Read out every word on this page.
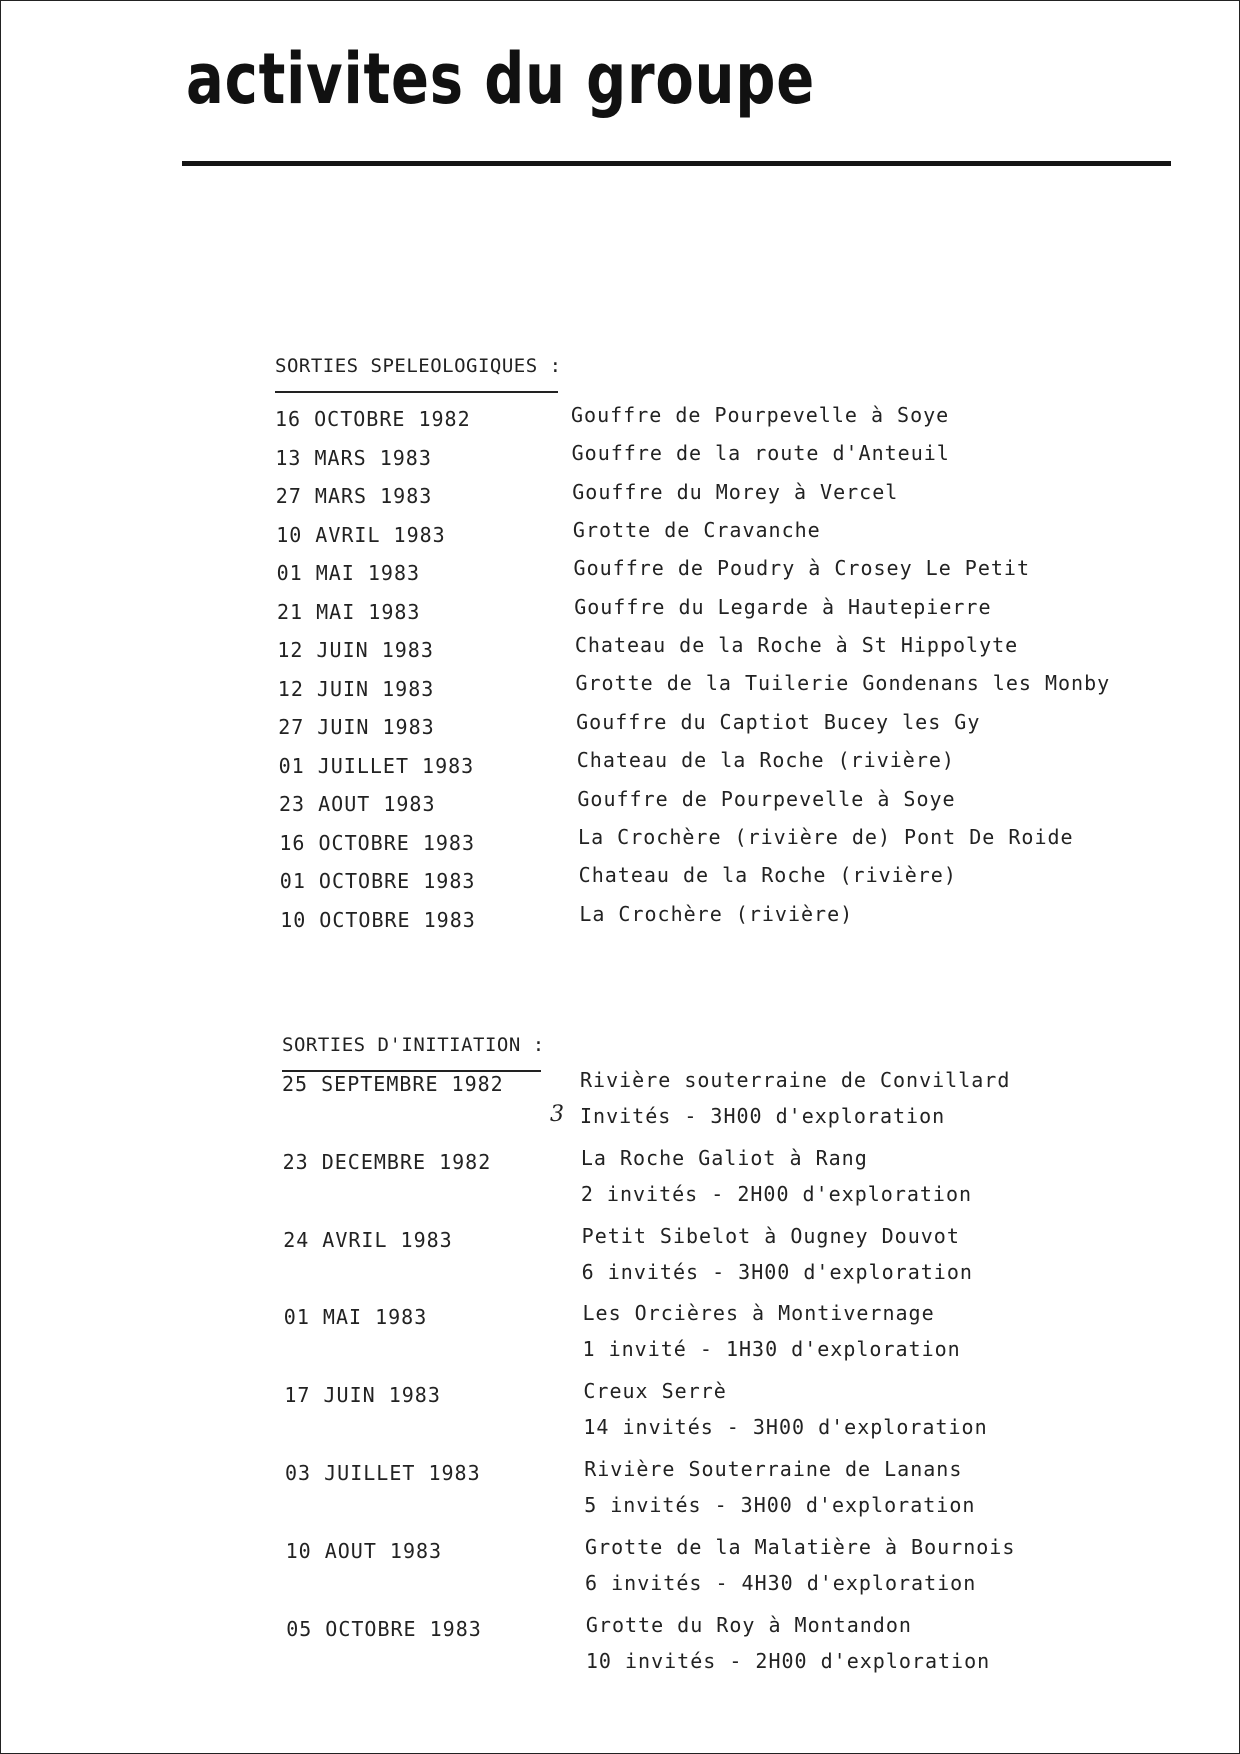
activites du groupe
SORTIES SPELEOLOGIQUES :
16 OCTOBRE 1982	Gouffre de Pourpevelle à Soye
13 MARS 1983	Gouffre de la route d'Anteuil
27 MARS 1983	Gouffre du Morey à Vercel
10 AVRIL 1983	Grotte de Cravanche
01 MAI 1983	Gouffre de Poudry à Crosey Le Petit
21 MAI 1983	Gouffre du Legarde à Hautepierre
12 JUIN 1983	Chateau de la Roche à St Hippolyte
12 JUIN 1983	Grotte de la Tuilerie Gondenans les Monby
27 JUIN 1983	Gouffre du Captiot Bucey les Gy
01 JUILLET 1983	Chateau de la Roche (rivière)
23 AOUT 1983	Gouffre de Pourpevelle à Soye
16 OCTOBRE 1983	La Crochère (rivière de) Pont De Roide
01 OCTOBRE 1983	Chateau de la Roche (rivière)
10 OCTOBRE 1983	La Crochère (rivière)
SORTIES D'INITIATION :
25 SEPTEMBRE 1982	Rivière souterraine de Convillard
3 Invités - 3H00 d'exploration
23 DECEMBRE 1982	La Roche Galiot à Rang
2 invités - 2H00 d'exploration
24 AVRIL 1983	Petit Sibelot à Ougney Douvot
6 invités - 3H00 d'exploration
01 MAI 1983	Les Orcières à Montivernage
1 invité - 1H30 d'exploration
17 JUIN 1983	Creux Serrè
14 invités - 3H00 d'exploration
03 JUILLET 1983	Rivière Souterraine de Lanans
5 invités - 3H00 d'exploration
10 AOUT 1983	Grotte de la Malatière à Bournois
6 invités - 4H30 d'exploration
05 OCTOBRE 1983	Grotte du Roy à Montandon
10 invités - 2H00 d'exploration
